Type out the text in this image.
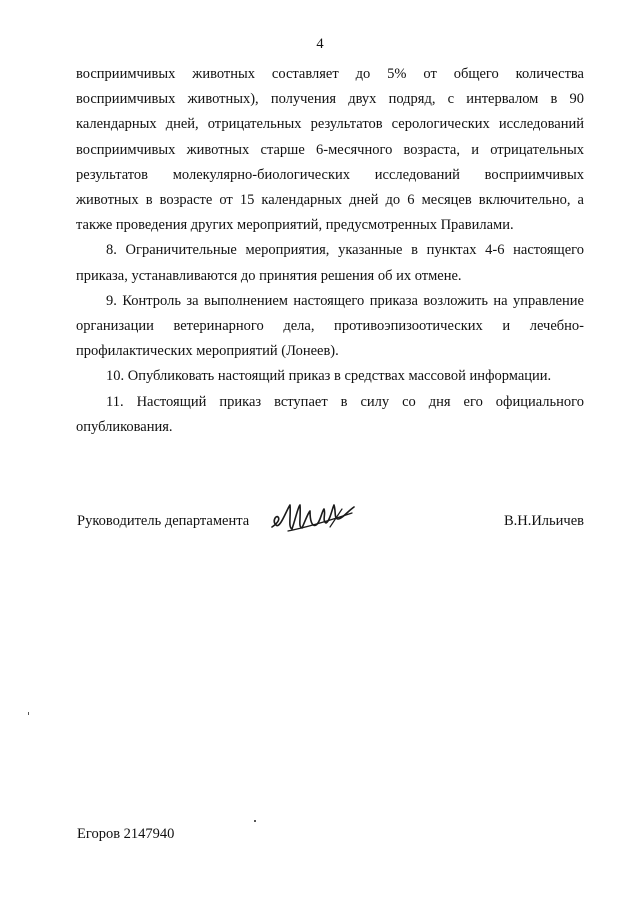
4

восприимчивых животных составляет до 5% от общего количества восприимчивых животных), получения двух подряд, с интервалом в 90 календарных дней, отрицательных результатов серологических исследований восприимчивых животных старше 6-месячного возраста, и отрицательных результатов молекулярно-биологических исследований восприимчивых животных в возрасте от 15 календарных дней до 6 месяцев включительно, а также проведения других мероприятий, предусмотренных Правилами.

8. Ограничительные мероприятия, указанные в пунктах 4-6 настоящего приказа, устанавливаются до принятия решения об их отмене.

9. Контроль за выполнением настоящего приказа возложить на управление организации ветеринарного дела, противоэпизоотических и лечебно-профилактических мероприятий (Лонеев).

10. Опубликовать настоящий приказ в средствах массовой информации.

11. Настоящий приказ вступает в силу со дня его официального опубликования.

Руководитель департамента	В.Н.Ильичев
Егоров 2147940
